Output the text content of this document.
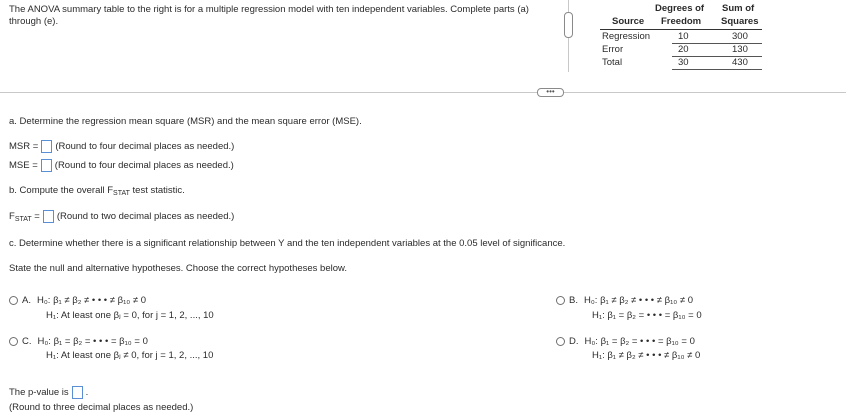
The ANOVA summary table to the right is for a multiple regression model with ten independent variables. Complete parts (a) through (e).
Degrees of Sum of
Source Freedom Squares
Regression	10	300
Error	20	130
Total	30	430
•••
a. Determine the regression mean square (MSR) and the mean square error (MSE).
MSR = (Round to four decimal places as needed.)
MSE = (Round to four decimal places as needed.)
b. Compute the overall $F_{STAT}$ test statistic.
$F_{STAT}$ = (Round to two decimal places as needed.)
c. Determine whether there is a significant relationship between Y and the ten independent variables at the 0.05 level of significance.
State the null and alternative hypotheses. Choose the correct hypotheses below.
A. H₀: β₁ ≠ β₂ ≠ • • • ≠ β₁₀ ≠ 0
H₁: At least one βⱼ = 0, for j = 1, 2, ..., 10
C. H₀: β₁ = β₂ = • • • = β₁₀ = 0
H₁: At least one βⱼ ≠ 0, for j = 1, 2, ..., 10
B. H₀: β₁ ≠ β₂ ≠ • • • ≠ β₁₀ ≠ 0
H₁: β₁ = β₂ = • • • = β₁₀ = 0
D. H₀: β₁ = β₂ = • • • = β₁₀ = 0
H₁: β₁ ≠ β₂ ≠ • • • ≠ β₁₀ ≠ 0
The p-value is .
(Round to three decimal places as needed.)
